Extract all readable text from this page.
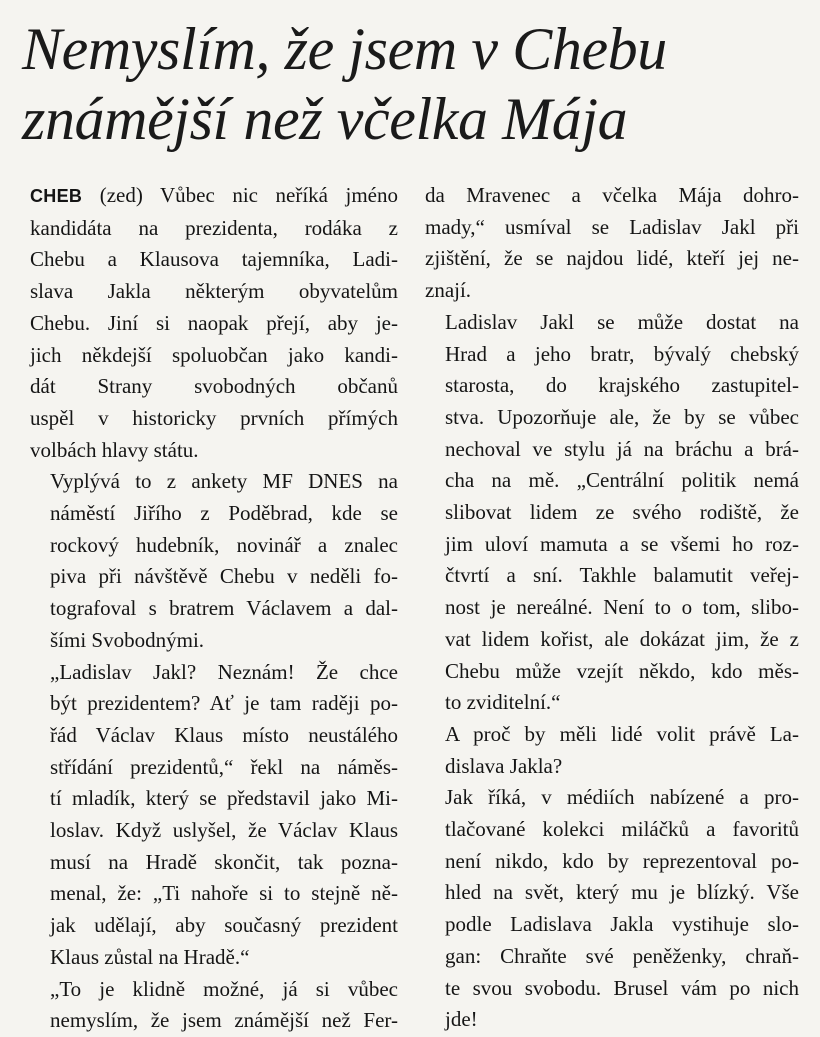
Nemyslím, že jsem v Chebu
známější než včelka Mája

CHEB (zed) Vůbec nic neříká jméno
kandidáta na prezidenta, rodáka z
Chebu a Klausova tajemníka, Ladi-
slava Jakla některým obyvatelům
Chebu. Jiní si naopak přejí, aby je-
jich někdejší spoluobčan jako kandi-
dát Strany svobodných občanů
uspěl v historicky prvních přímých
volbách hlavy státu.

Vyplývá to z ankety MF DNES na
náměstí Jiřího z Poděbrad, kde se
rockový hudebník, novinář a znalec
piva při návštěvě Chebu v neděli fo-
tografoval s bratrem Václavem a dal-
šími Svobodnými.

„Ladislav Jakl? Neznám! Že chce
být prezidentem? Ať je tam raději po-
řád Václav Klaus místo neustálého
střídání prezidentů,“ řekl na náměs-
tí mladík, který se představil jako Mi-
loslav. Když uslyšel, že Václav Klaus
musí na Hradě skončit, tak pozna-
menal, že: „Ti nahoře si to stejně ně-
jak udělají, aby současný prezident
Klaus zůstal na Hradě.“

„To je klidně možné, já si vůbec
nemyslím, že jsem známější než Fer-

da Mravenec a včelka Mája dohro-
mady,“ usmíval se Ladislav Jakl při
zjištění, že se najdou lidé, kteří jej ne-
znají.

Ladislav Jakl se může dostat na
Hrad a jeho bratr, bývalý chebský
starosta, do krajského zastupitel-
stva. Upozorňuje ale, že by se vůbec
nechoval ve stylu já na bráchu a brá-
cha na mě. „Centrální politik nemá
slibovat lidem ze svého rodiště, že
jim uloví mamuta a se všemi ho roz-
čtvrtí a sní. Takhle balamutit veřej-
nost je nereálné. Není to o tom, slibo-
vat lidem kořist, ale dokázat jim, že z
Chebu může vzejít někdo, kdo měs-
to zviditelní.“

A proč by měli lidé volit právě La-
dislava Jakla?

Jak říká, v médiích nabízené a pro-
tlačované kolekci miláčků a favoritů
není nikdo, kdo by reprezentoval po-
hled na svět, který mu je blízký. Vše
podle Ladislava Jakla vystihuje slo-
gan: Chraňte své peněženky, chraň-
te svou svobodu. Brusel vám po nich
jde!
